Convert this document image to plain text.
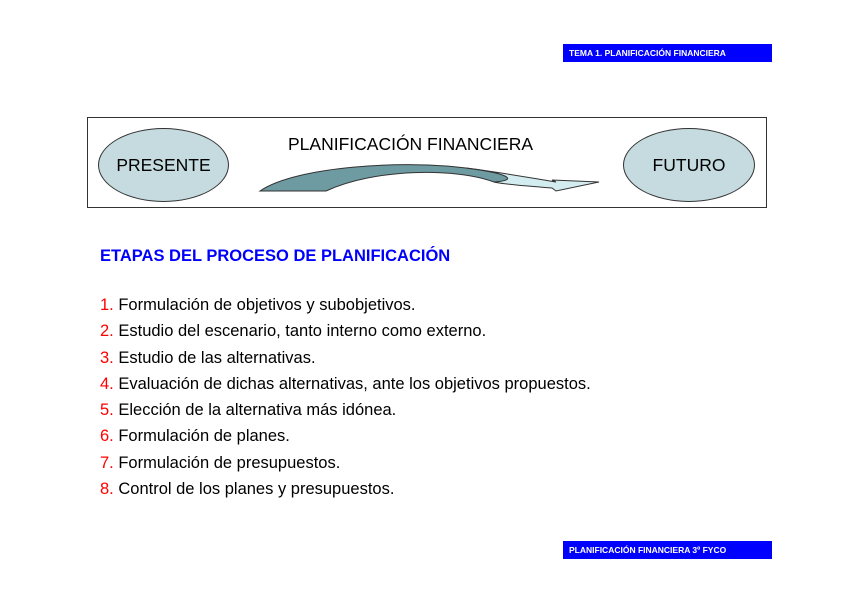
TEMA 1. PLANIFICACIÓN FINANCIERA
PRESENTE
PLANIFICACIÓN FINANCIERA
FUTURO
ETAPAS DEL PROCESO DE PLANIFICACIÓN
1. Formulación de objetivos y subobjetivos.
2. Estudio del escenario, tanto interno como externo.
3. Estudio de las alternativas.
4. Evaluación de dichas alternativas, ante los objetivos propuestos.
5. Elección de la alternativa más idónea.
6. Formulación de planes.
7. Formulación de presupuestos.
8. Control de los planes y presupuestos.
PLANIFICACIÓN FINANCIERA 3º FYCO
